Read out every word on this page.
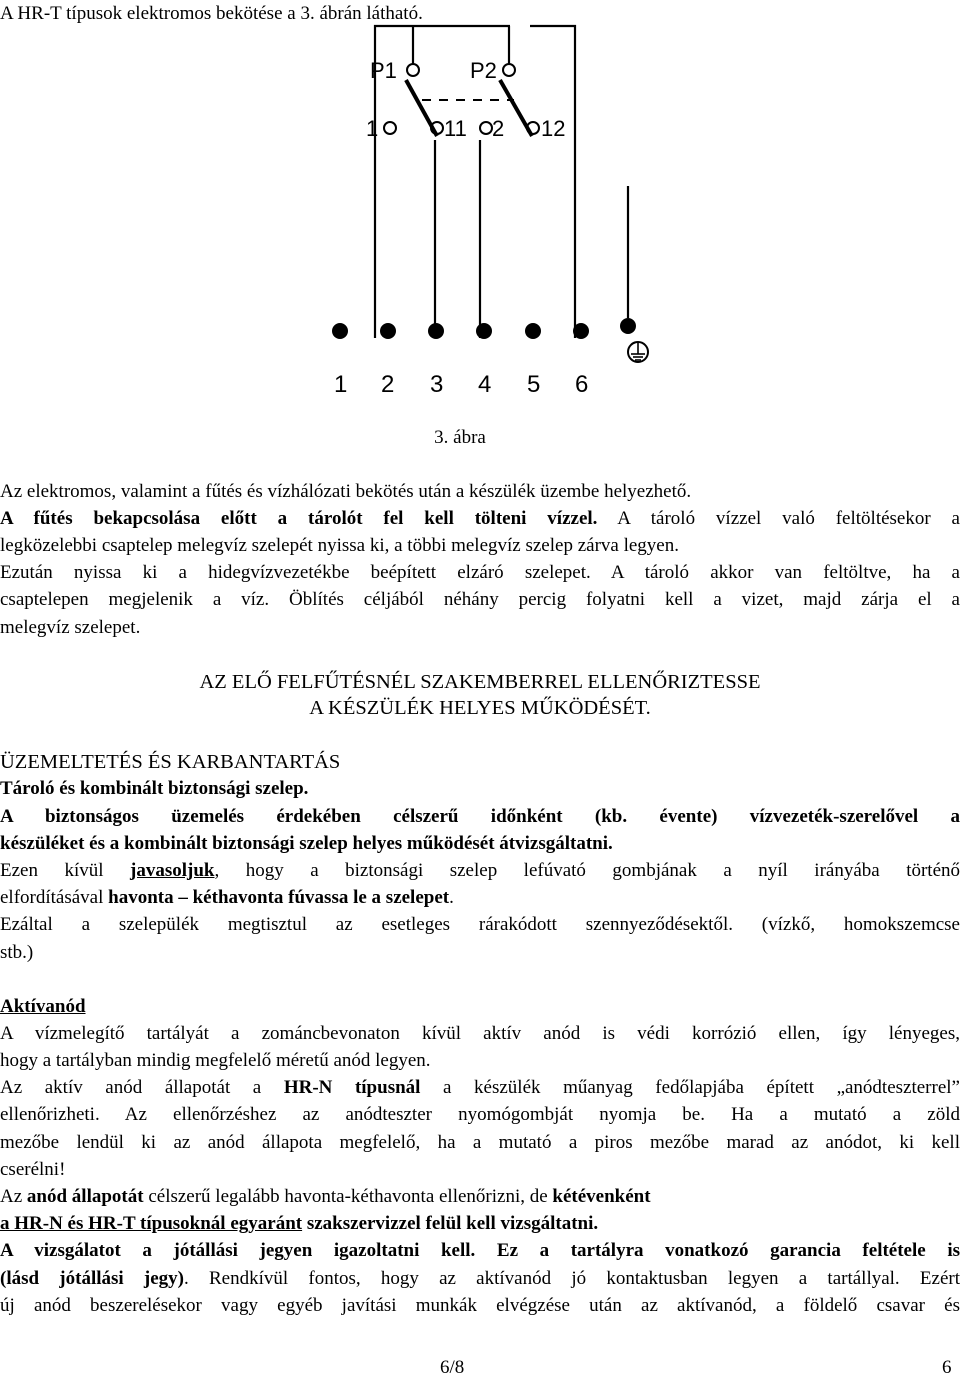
A HR-T típusok elektromos bekötése a 3. ábrán látható.
P1	P2
1	11 2 12
1 2 3 4 5 6
3. ábra
Az elektromos, valamint a fűtés és vízhálózati bekötés után a készülék üzembe helyezhető.
A fűtés bekapcsolása előtt a tárolót fel kell tölteni vízzel. A tároló vízzel való feltöltésekor a
legközelebbi csaptelep melegvíz szelepét nyissa ki, a többi melegvíz szelep zárva legyen.
Ezután nyissa ki a hidegvízvezetékbe beépített elzáró szelepet. A tároló akkor van feltöltve, ha a
csaptelepen megjelenik a víz. Öblítés céljából néhány percig folyatni kell a vizet, majd zárja el a
melegvíz szelepet.
AZ ELŐ FELFŰTÉSNÉL SZAKEMBERREL ELLENŐRIZTESSE
A KÉSZÜLÉK HELYES MŰKÖDÉSÉT.
ÜZEMELTETÉS ÉS KARBANTARTÁS
Tároló és kombinált biztonsági szelep.
A biztonságos üzemelés érdekében célszerű időnként (kb. évente) vízvezeték-szerelővel a
készüléket és a kombinált biztonsági szelep helyes működését átvizsgáltatni.
Ezen kívül javasoljuk, hogy a biztonsági szelep lefúvató gombjának a nyíl irányába történő
elfordításával havonta – kéthavonta fúvassa le a szelepet.
Ezáltal a szelepülék megtisztul az esetleges rárakódott szennyeződésektől. (vízkő, homokszemcse
stb.)
Aktívanód
A vízmelegítő tartályát a zománcbevonaton kívül aktív anód is védi korrózió ellen, így lényeges,
hogy a tartályban mindig megfelelő méretű anód legyen.
Az aktív anód állapotát a HR-N típusnál a készülék műanyag fedőlapjába épített „anódteszterrel”
ellenőrizheti. Az ellenőrzéshez az anódteszter nyomógombját nyomja be. Ha a mutató a zöld
mezőbe lendül ki az anód állapota megfelelő, ha a mutató a piros mezőbe marad az anódot, ki kell
cserélni!
Az anód állapotát célszerű legalább havonta-kéthavonta ellenőrizni, de kétévenként
a HR-N és HR-T típusoknál egyaránt szakszervizzel felül kell vizsgáltatni.
A vizsgálatot a jótállási jegyen igazoltatni kell. Ez a tartályra vonatkozó garancia feltétele is
(lásd jótállási jegy). Rendkívül fontos, hogy az aktívanód jó kontaktusban legyen a tartállyal. Ezért
új anód beszerelésekor vagy egyéb javítási munkák elvégzése után az aktívanód, a földelő csavar és
6/8	6
